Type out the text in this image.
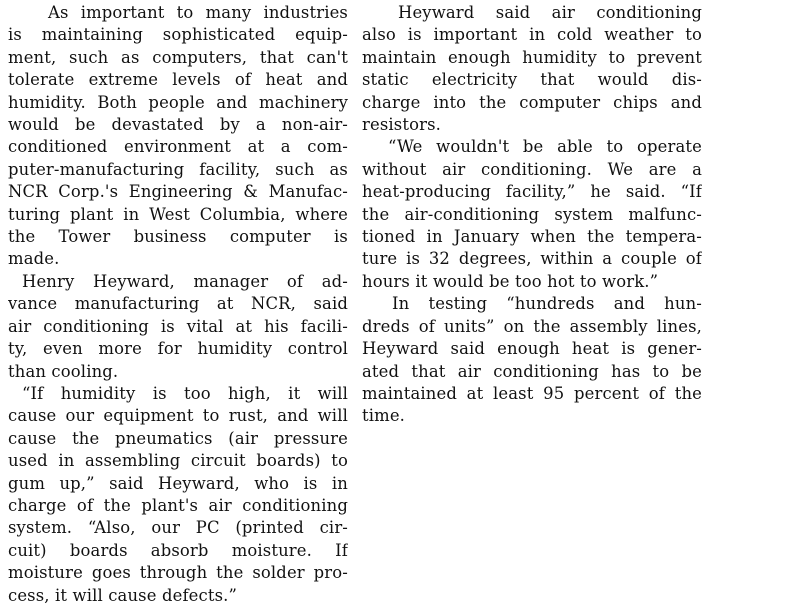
As important to many industries
is maintaining sophisticated equip-
ment, such as computers, that can't
tolerate extreme levels of heat and
humidity. Both people and machinery
would be devastated by a non-air-
conditioned environment at a com-
puter-manufacturing facility, such as
NCR Corp.'s Engineering & Manufac-
turing plant in West Columbia, where
the Tower business computer is
made.
Henry Heyward, manager of ad-
vance manufacturing at NCR, said
air conditioning is vital at his facili-
ty, even more for humidity control
than cooling.
“If humidity is too high, it will
cause our equipment to rust, and will
cause the pneumatics (air pressure
used in assembling circuit boards) to
gum up,” said Heyward, who is in
charge of the plant's air conditioning
system. “Also, our PC (printed cir-
cuit) boards absorb moisture. If
moisture goes through the solder pro-
cess, it will cause defects.”
Heyward said air conditioning
also is important in cold weather to
maintain enough humidity to prevent
static electricity that would dis-
charge into the computer chips and
resistors.
“We wouldn't be able to operate
without air conditioning. We are a
heat-producing facility,” he said. “If
the air-conditioning system malfunc-
tioned in January when the tempera-
ture is 32 degrees, within a couple of
hours it would be too hot to work.”
In testing “hundreds and hun-
dreds of units” on the assembly lines,
Heyward said enough heat is gener-
ated that air conditioning has to be
maintained at least 95 percent of the
time.
